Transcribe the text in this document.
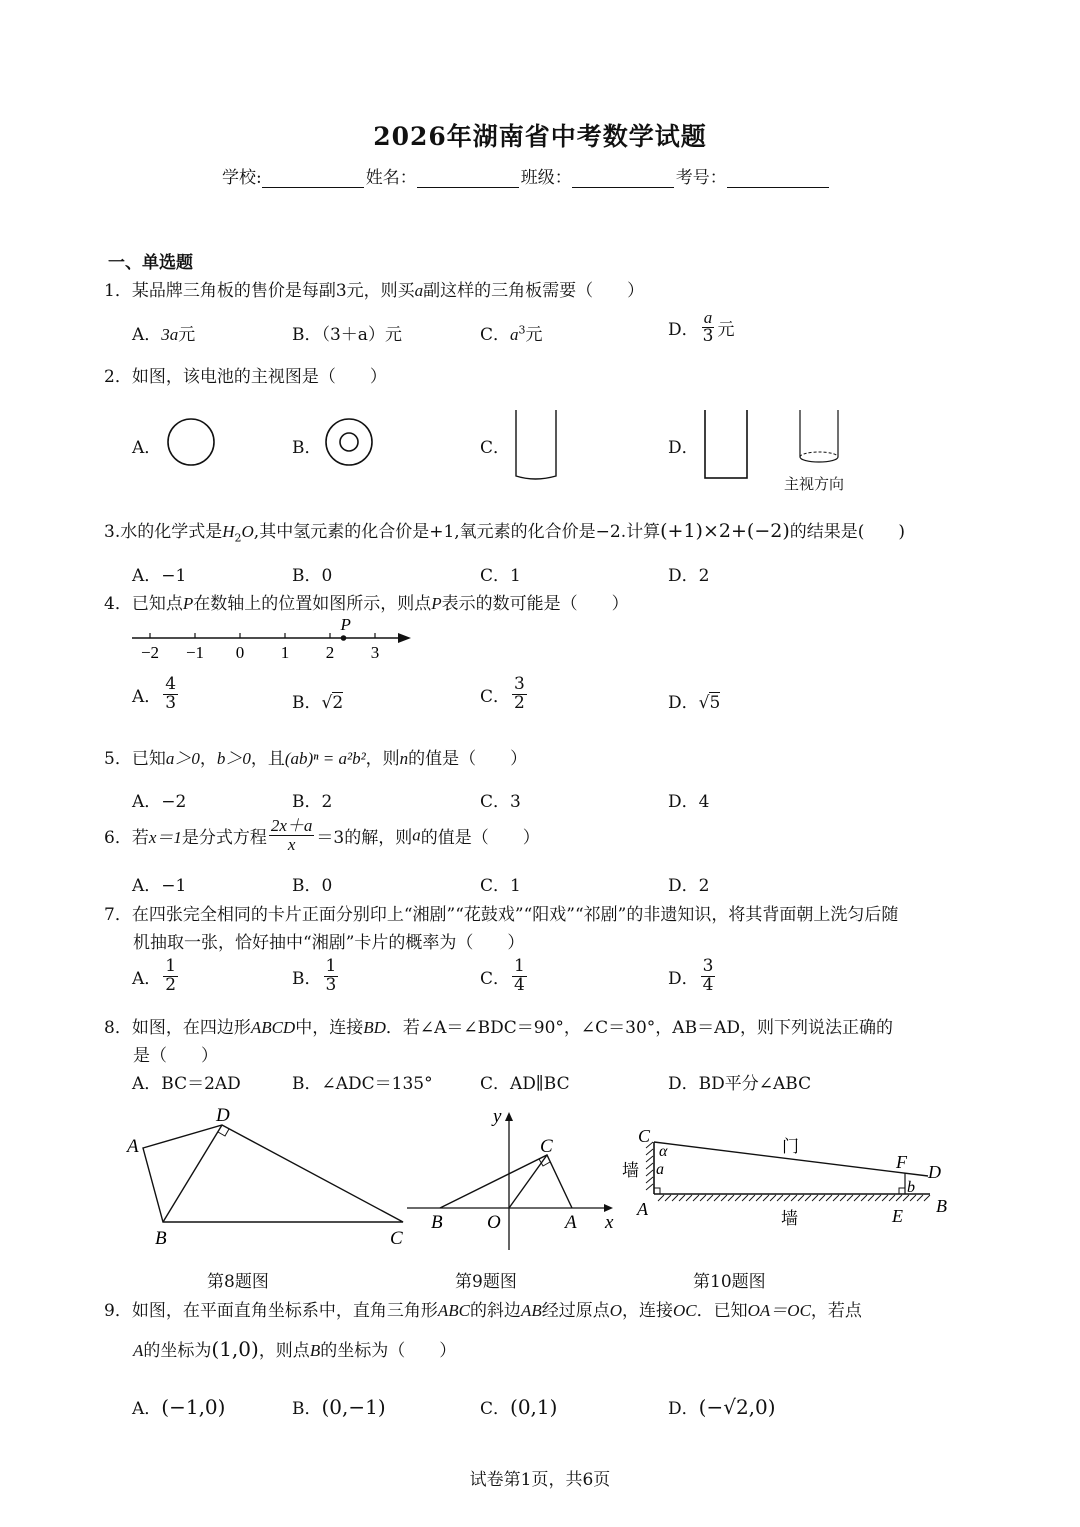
2026年湖南省中考数学试题
学校:	姓名：	班级：	考号：
一、单选题
1．某品牌三角板的售价是每副3元，则买a副这样的三角板需要（　　）
A．3a元	B．（3＋a）元	C．$a^3$元	D． $\frac{a}{3}$ 元
2．如图，该电池的主视图是（　　）
A．	B．	C．	D．
主视方向
3.水的化学式是$H_2O$,其中氢元素的化合价是+1,氧元素的化合价是−2.计算(+1)×2+(−2)的结果是(　　)
A．−1	B．0	C．1	D．2
4．已知点P在数轴上的位置如图所示，则点P表示的数可能是（　　）
−2 −1 0 1 2 3
P
A． $\frac{4}{3}$	B．√2	C． $\frac{3}{2}$	D．√5
5．已知a＞0，b＞0，且(ab)ⁿ = a²b²，则n的值是（　　）
A．−2	B．2	C．3	D．4
6．若x＝1是分式方程 $\frac{2x+a}{x} =3$的解，则a的值是（　　）
A．−1	B．0	C．1	D．2
7．在四张完全相同的卡片正面分别印上“湘剧”“花鼓戏”“阳戏”“祁剧”的非遗知识，将其背面朝上洗匀后随
机抽取一张，恰好抽中“湘剧”卡片的概率为（　　）
A． $\frac{1}{2}$	B． $\frac{1}{3}$	C． $\frac{1}{4}$	D． $\frac{3}{4}$
8．如图，在四边形ABCD中，连接BD．若∠A＝∠BDC＝90°，∠C＝30°，AB＝AD，则下列说法正确的
是（　　）
A．BC＝2AD	B．∠ADC＝135°	C．AD∥BC	D．BD平分∠ABC
A
B	C
D	y
x
O	A
B
C	C
α
a
墙
门
F D
b
A	E B
墙
第8题图	第9题图	第10题图
9．如图，在平面直角坐标系中，直角三角形ABC的斜边AB经过原点O，连接OC．已知OA＝OC，若点
A的坐标为(1,0)，则点B的坐标为（　　）
A．(−1,0)	B．(0,−1)	C．(0,1)	D．(−√2,0)
试卷第1页，共6页
